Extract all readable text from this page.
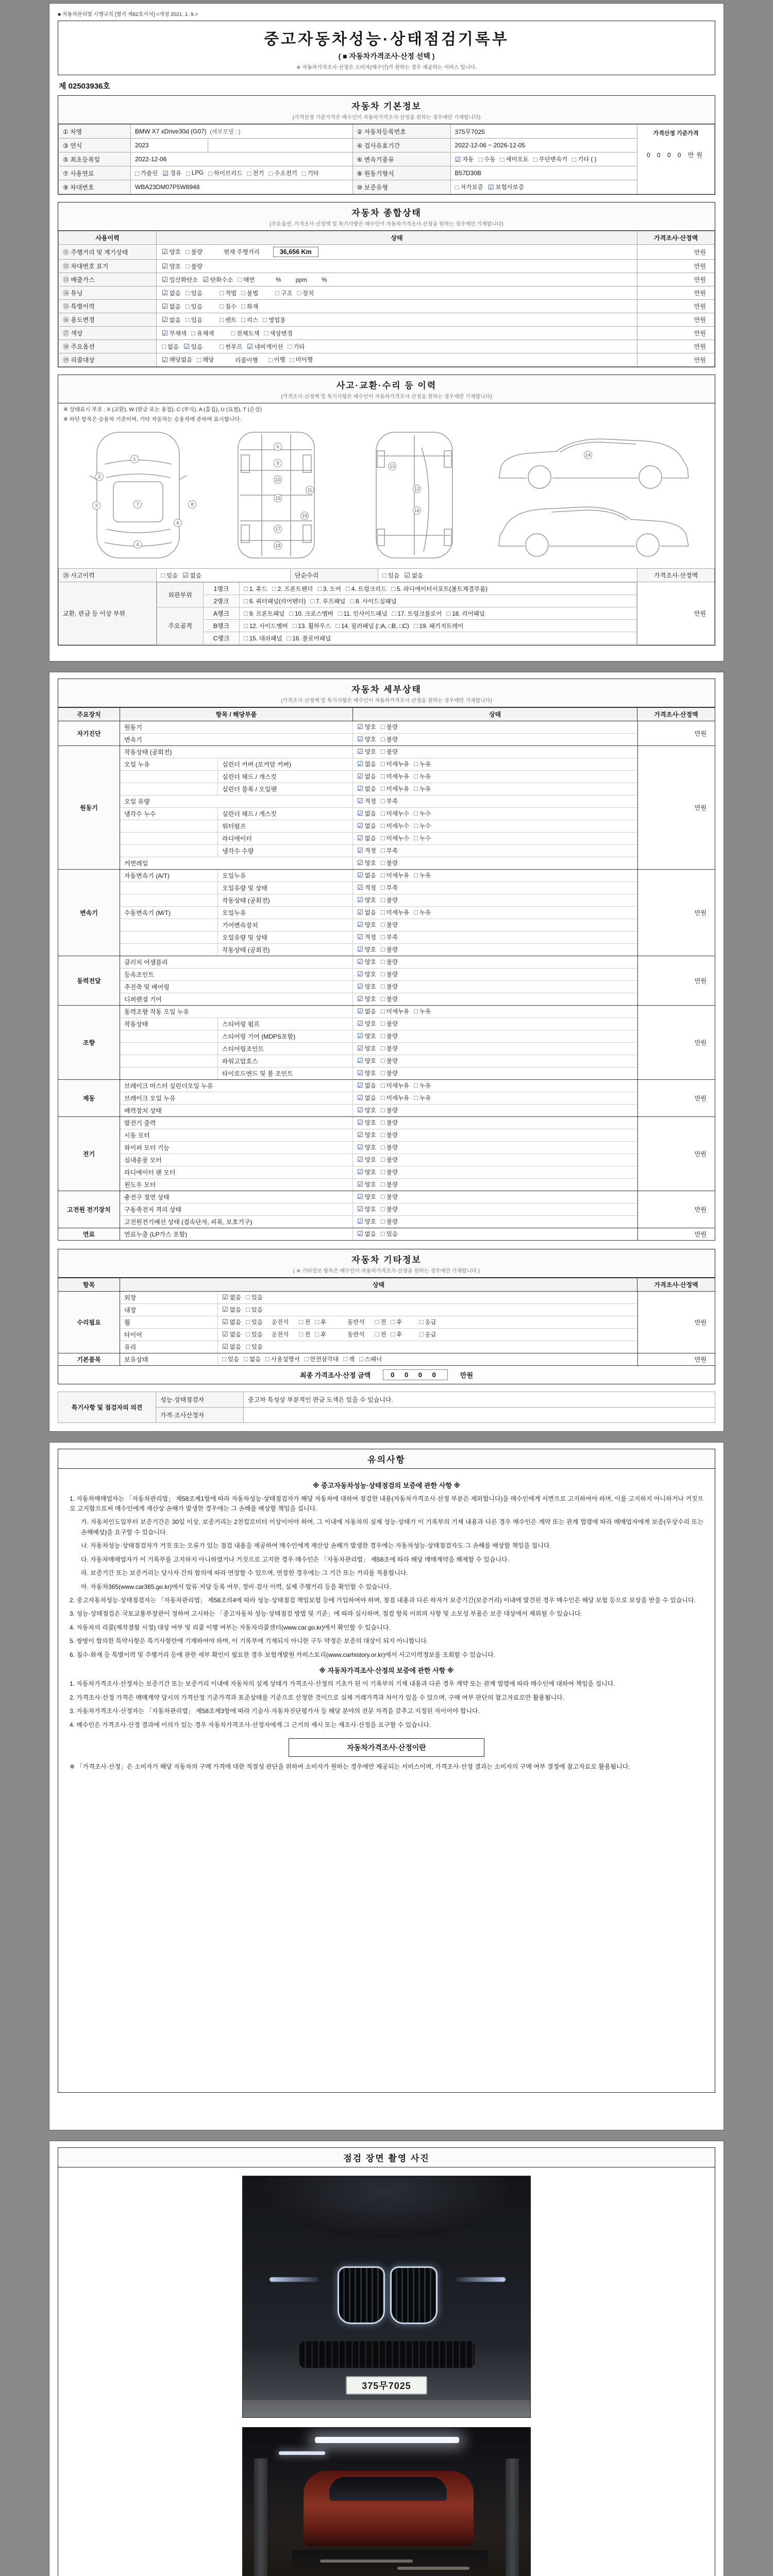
■ 자동차관리법 시행규칙 [별지 제82호서식] <개정 2021. 1. 9.>
중고자동차성능·상태점검기록부
( ■ 자동차가격조사·산정 선택 )
※ 자동차가격조사·산정은 소비자(매수인)가 원하는 경우 제공하는 서비스 입니다.
제 02503936호
자동차 기본정보
(가격산정 기준가격은 매수인이 자동차가격조사·산정을 원하는 경우에만 기재합니다)
① 차명	BMW X7 xDrive30d (G07) (세부모델 : )		② 자동차등록번호	375무7025	가격산정 기준가격
0 0 0 0 만원

③ 연식	2023		④ 검사유효기간	2022-12-06 ~ 2026-12-05	
⑤ 최초등록일	2022-12-06	⑥ 변속기종류	☑ 자동 □ 수동 □ 세미오토 □ 무단변속기 □ 기타 ( )

⑦ 사용연료	□ 가솔린 ☑ 경유 □ LPG □ 하이브리드 □ 전기 □ 수소전기 □ 기타	⑧ 원동기형식	B57D30B
⑨ 차대번호	WBA23DM07P5W8948		⑩ 보증유형	□ 자가보증 ☑ 보험사보증	
자동차 종합상태
(주요옵션, 가격조사·산정액 및 특기사항은 매수인이 자동차가격조사·산정을 원하는 경우에만 기재합니다)
사용이력	상태	가격조사·산정액
⑪ 주행거리 및 계기상태	☑ 양호 □ 불량 현재 주행거리 36,656 Km	만원
⑫ 차대번호 표기	☑ 양호 □ 불량	만원
⑬ 배출가스	☑ 일산화탄소 ☑ 탄화수소 □ 매연	% ppm %	만원
⑭ 튜닝	☑ 없음 □ 있음	□ 적법 □ 불법	□ 구조 □ 장치	만원
⑮ 특별이력	☑ 없음 □ 있음	□ 침수 □ 화재	만원
⑯ 용도변경	☑ 없음 □ 있음	□ 렌트 □ 리스 □ 영업용	만원
⑰ 색상	☑ 무채색 □ 유채색	□ 전체도색 □ 색상변경	만원
⑱ 주요옵션	□ 없음 ☑ 있음	□ 썬루프 ☑ 네비게이션 □ 기타	만원
⑲ 리콜대상	☑ 해당없음 □ 해당	리콜이행 □ 이행 □ 미이행	만원
사고·교환·수리 등 이력
(가격조사·산정액 및 특기사항은 매수인이 자동차가격조사·산정을 원하는 경우에만 기재합니다)
※ 상태표시 부호 : X (교환), W (판금 또는 용접), C (부식), A (흠집), U (요철), T (손상)
※ 하단 항목은 승용차 기준이며, 기타 자동차는 승용차에 준하여 표시합니다.
1
2
3
4
5
6
7	8
9
10
11	12
13
14
15
16
17
18
19
⑳ 사고이력	□ 있음 ☑ 없음	단순수리	□ 있음 ☑ 없음	가격조사·산정액
교환, 판금 등 이상 부위	
외판부위	1랭크	□ 1. 후드 □ 2. 프론트펜더 □ 3. 도어 □ 4. 트렁크리드 □ 5. 라디에이터서포트(볼트체결부품)

2랭크	□ 6. 쿼터패널(리어펜더) □ 7. 루프패널 □ 8. 사이드실패널

주요골격	A랭크	□ 9. 프론트패널 □ 10. 크로스멤버 □ 11. 인사이드패널 □ 17. 트렁크플로어 □ 18. 리어패널

B랭크	□ 12. 사이드멤버 □ 13. 휠하우스 □ 14. 필러패널 (□A, □B, □C) □ 19. 패키지트레이

C랭크	□ 15. 대쉬패널 □ 16. 플로어패널
	만원
자동차 세부상태
(가격조사·산정액 및 특기사항은 매수인이 자동차가격조사·산정을 원하는 경우에만 기재합니다)
주요장치	항목 / 해당부품	상태	가격조사·산정액
자기진단
원동기	☑ 양호 □ 불량
변속기	☑ 양호 □ 불량
만원
원동기
작동상태 (공회전)	☑ 양호 □ 불량
오일 누유	실린더 커버 (로커암 커버)	☑ 없음 □ 미세누유 □ 누유
실린더 헤드 / 개스킷	☑ 없음 □ 미세누유 □ 누유
실린더 블록 / 오일팬	☑ 없음 □ 미세누유 □ 누유
오일 유량	☑ 적정 □ 부족
냉각수 누수	실린더 헤드 / 개스킷	☑ 없음 □ 미세누수 □ 누수
워터펌프	☑ 없음 □ 미세누수 □ 누수
라디에이터	☑ 없음 □ 미세누수 □ 누수
냉각수 수량	☑ 적정 □ 부족
커먼레일	☑ 양호 □ 불량
만원
변속기
자동변속기 (A/T)	오일누유	☑ 없음 □ 미세누유 □ 누유
오일유량 및 상태	☑ 적정 □ 부족
작동상태 (공회전)	☑ 양호 □ 불량
수동변속기 (M/T)	오일누유	☑ 없음 □ 미세누유 □ 누유
기어변속장치	☑ 양호 □ 불량
오일유량 및 상태	☑ 적정 □ 부족
작동상태 (공회전)	☑ 양호 □ 불량
만원
동력전달
클러치 어셈블리	☑ 양호 □ 불량
등속조인트	☑ 양호 □ 불량
추진축 및 베어링	☑ 양호 □ 불량
디퍼렌셜 기어	☑ 양호 □ 불량
만원
조향
동력조향 작동 오일 누유	☑ 없음 □ 미세누유 □ 누유
작동상태	스티어링 펌프	☑ 양호 □ 불량
스티어링 기어 (MDPS포함)	☑ 양호 □ 불량
스티어링조인트	☑ 양호 □ 불량
파워고압호스	☑ 양호 □ 불량
타이로드엔드 및 볼 조인트	☑ 양호 □ 불량
만원
제동
브레이크 마스터 실린더오일 누유	☑ 없음 □ 미세누유 □ 누유
브레이크 오일 누유	☑ 없음 □ 미세누유 □ 누유
배력장치 상태	☑ 양호 □ 불량
만원
전기
발전기 출력	☑ 양호 □ 불량
시동 모터	☑ 양호 □ 불량
와이퍼 모터 기능	☑ 양호 □ 불량
실내송풍 모터	☑ 양호 □ 불량
라디에이터 팬 모터	☑ 양호 □ 불량
윈도우 모터	☑ 양호 □ 불량
만원
고전원 전기장치
충전구 절연 상태	☑ 양호 □ 불량
구동축전지 격리 상태	☑ 양호 □ 불량
고전원전기배선 상태 (접속단자, 피복, 보호기구)	☑ 양호 □ 불량
만원
연료	연료누출 (LP가스 포함)	☑ 없음 □ 있음	만원
자동차 기타정보
( ※ 기타정보 항목은 매수인이 자동차가격조사·산정을 원하는 경우에만 기재합니다 )
항목	상태	가격조사·산정액
수리필요
외장	☑ 없음 □ 있음
내장	☑ 없음 □ 있음
휠	☑ 없음 □ 있음 운전석 □ 전 □ 후	동반석 □ 전 □ 후	□ 응급
타이어	☑ 없음 □ 있음 운전석 □ 전 □ 후	동반석 □ 전 □ 후	□ 응급
유리	☑ 없음 □ 있음
만원
기본품목	보유상태	□ 있음 □ 없음 □ 사용설명서 □ 안전삼각대 □ 잭 □ 스패너	만원
최종 가격조사·산정 금액	0 0 0 0	만원
특기사항 및 점검자의 의견	성능·상태점검자	중고차 특성상 부분적인 판금 도색은 있을 수 있습니다.
	가격·조사산정자	
유의사항
※ 중고자동차성능·상태점검의 보증에 관한 사항 ※

1. 자동차매매업자는 「자동차관리법」 제58조제1항에 따라 자동차성능·상태점검자가 해당 자동차에 대하여 점검한 내용(자동차가격조사·산정 부분은 제외합니다)을 매수인에게 서면으로 고지하여야 하며, 이를 고지하지 아니하거나 거짓으로 고지함으로써 매수인에게 재산상 손해가 발생한 경우에는 그 손해를 배상할 책임을 집니다.

가. 자동차인도일부터 보증기간은 30일 이상, 보증거리는 2천킬로미터 이상이어야 하며, 그 이내에 자동차의 실제 성능·상태가 이 기록부의 기재 내용과 다른 경우 매수인은 계약 또는 관계 법령에 따라 매매업자에게 보증(무상수리 또는 손해배상)을 요구할 수 있습니다.

나. 자동차성능·상태점검자가 거짓 또는 오류가 있는 점검 내용을 제공하여 매수인에게 재산상 손해가 발생한 경우에는 자동차성능·상태점검자도 그 손해를 배상할 책임을 집니다.

다. 자동차매매업자가 이 기록부를 고지하지 아니하였거나 거짓으로 고지한 경우 매수인은 「자동차관리법」 제58조에 따라 해당 매매계약을 해제할 수 있습니다.

라. 보증기간 또는 보증거리는 당사자 간의 합의에 따라 연장할 수 있으며, 연장한 경우에는 그 기간 또는 거리를 적용합니다.

마. 자동차365(www.car365.go.kr)에서 압류·저당 등록 여부, 정비·검사 이력, 실제 주행거리 등을 확인할 수 있습니다.

2. 중고자동차성능·상태점검자는 「자동차관리법」 제58조의4에 따라 성능·상태점검 책임보험 등에 가입하여야 하며, 점검 내용과 다른 하자가 보증기간(보증거리) 이내에 발견된 경우 매수인은 해당 보험 등으로 보상을 받을 수 있습니다.

3. 성능·상태점검은 국토교통부장관이 정하여 고시하는 「중고자동차 성능·상태점검 방법 및 기준」에 따라 실시하며, 점검 항목 이외의 사항 및 소모성 부품은 보증 대상에서 제외될 수 있습니다.

4. 자동차의 리콜(제작결함 시정) 대상 여부 및 리콜 이행 여부는 자동차리콜센터(www.car.go.kr)에서 확인할 수 있습니다.

5. 쌍방이 합의한 특약사항은 특기사항란에 기재하여야 하며, 이 기록부에 기재되지 아니한 구두 약정은 보증의 대상이 되지 아니합니다.

6. 침수·화재 등 특별이력 및 주행거리 등에 관한 세부 확인이 필요한 경우 보험개발원 카히스토리(www.carhistory.or.kr)에서 사고이력정보를 조회할 수 있습니다.

※ 자동차가격조사·산정의 보증에 관한 사항 ※

1. 자동차가격조사·산정자는 보증기간 또는 보증거리 이내에 자동차의 실제 상태가 가격조사·산정의 기초가 된 이 기록부의 기재 내용과 다른 경우 계약 또는 관계 법령에 따라 매수인에 대하여 책임을 집니다.

2. 가격조사·산정 가격은 매매계약 당시의 가격산정 기준가격과 표준상태를 기준으로 산정한 것이므로 실제 거래가격과 차이가 있을 수 있으며, 구매 여부 판단의 참고자료로만 활용됩니다.

3. 자동차가격조사·산정자는 「자동차관리법」 제58조제3항에 따라 기술사·자동차진단평가사 등 해당 분야의 전문 자격을 갖추고 지정된 자이어야 합니다.

4. 매수인은 가격조사·산정 결과에 이의가 있는 경우 자동차가격조사·산정자에게 그 근거의 제시 또는 재조사·산정을 요구할 수 있습니다.

자동차가격조사·산정이란

※ 「가격조사·산정」은 소비자가 해당 자동차의 구매 가격에 대한 적절성 판단을 위하여 소비자가 원하는 경우에만 제공되는 서비스이며, 가격조사·산정 결과는 소비자의 구매 여부 결정에 참고자료로 활용됩니다.

점검 장면 촬영 사진
375무7025
